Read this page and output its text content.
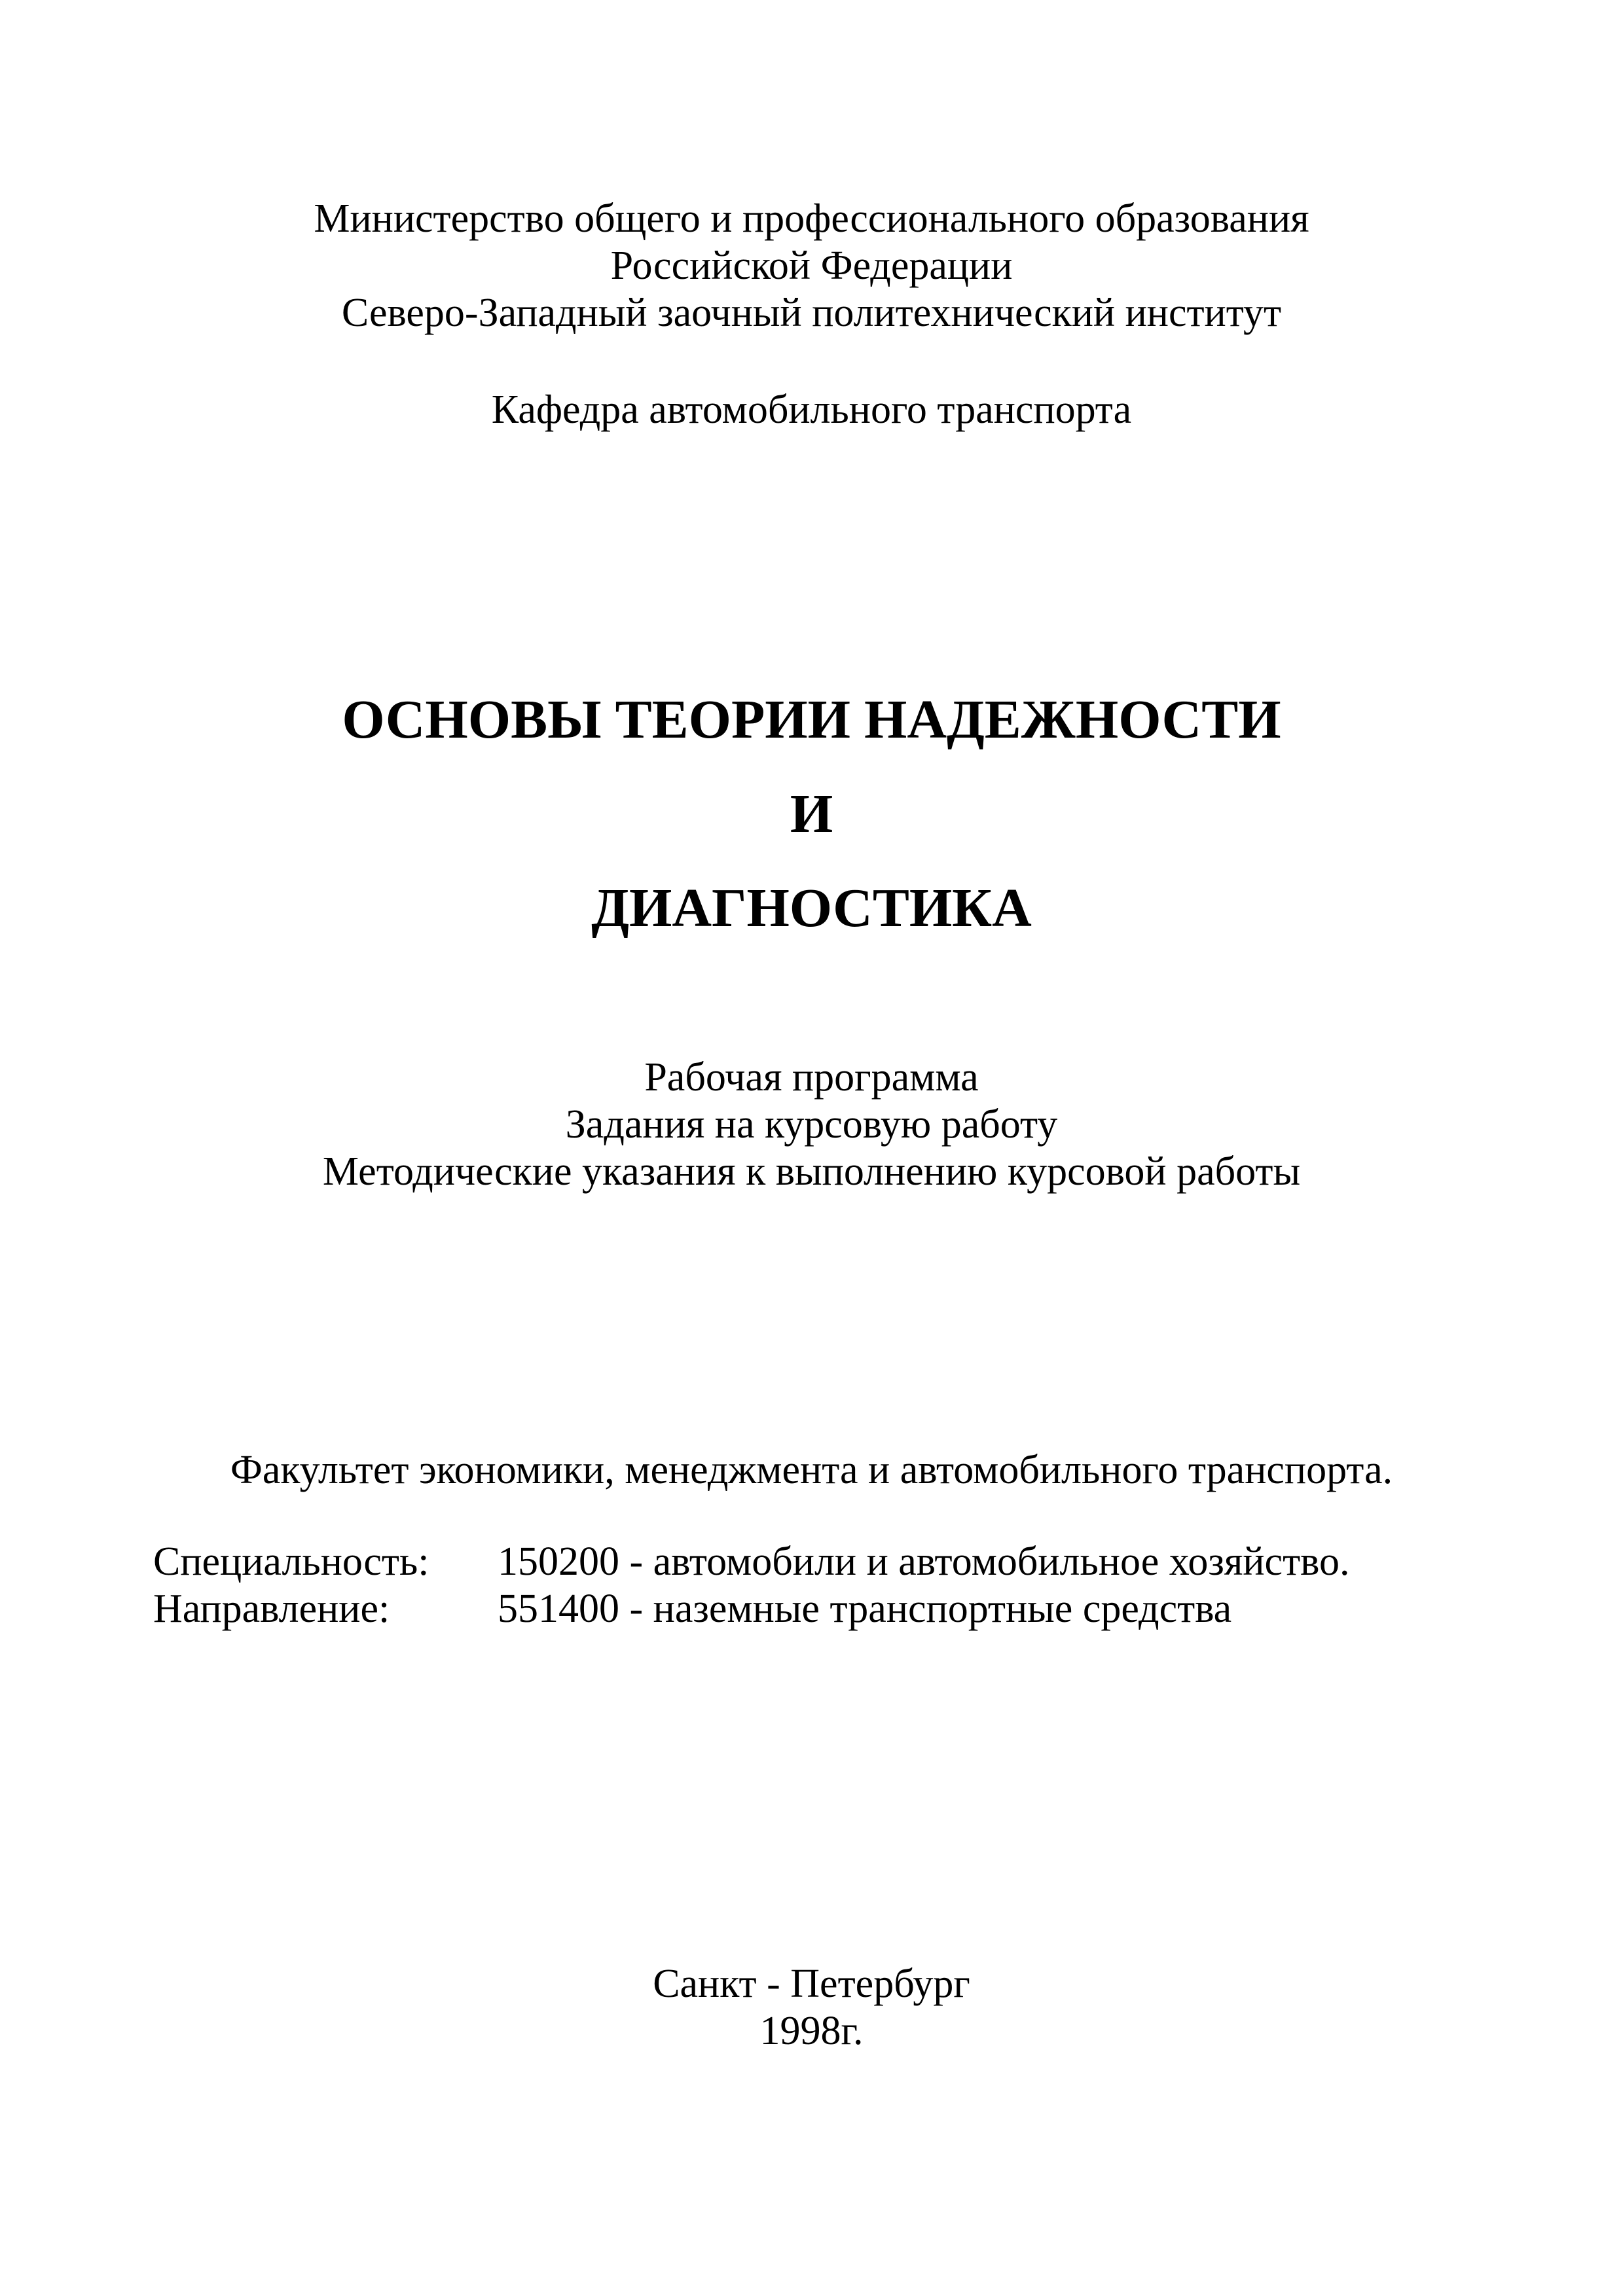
Министерство общего и профессионального образования
Российской Федерации
Северо-Западный заочный политехнический институт
Кафедра автомобильного транспорта
ОСНОВЫ ТЕОРИИ НАДЕЖНОСТИ
И
ДИАГНОСТИКА
Рабочая программа
Задания на курсовую работу
Методические указания к выполнению курсовой работы
Факультет экономики, менеджмента и автомобильного транспорта.
Специальность: 150200 - автомобили и автомобильное хозяйство.
Направление:	551400 - наземные транспортные средства
Санкт - Петербург
1998г.
